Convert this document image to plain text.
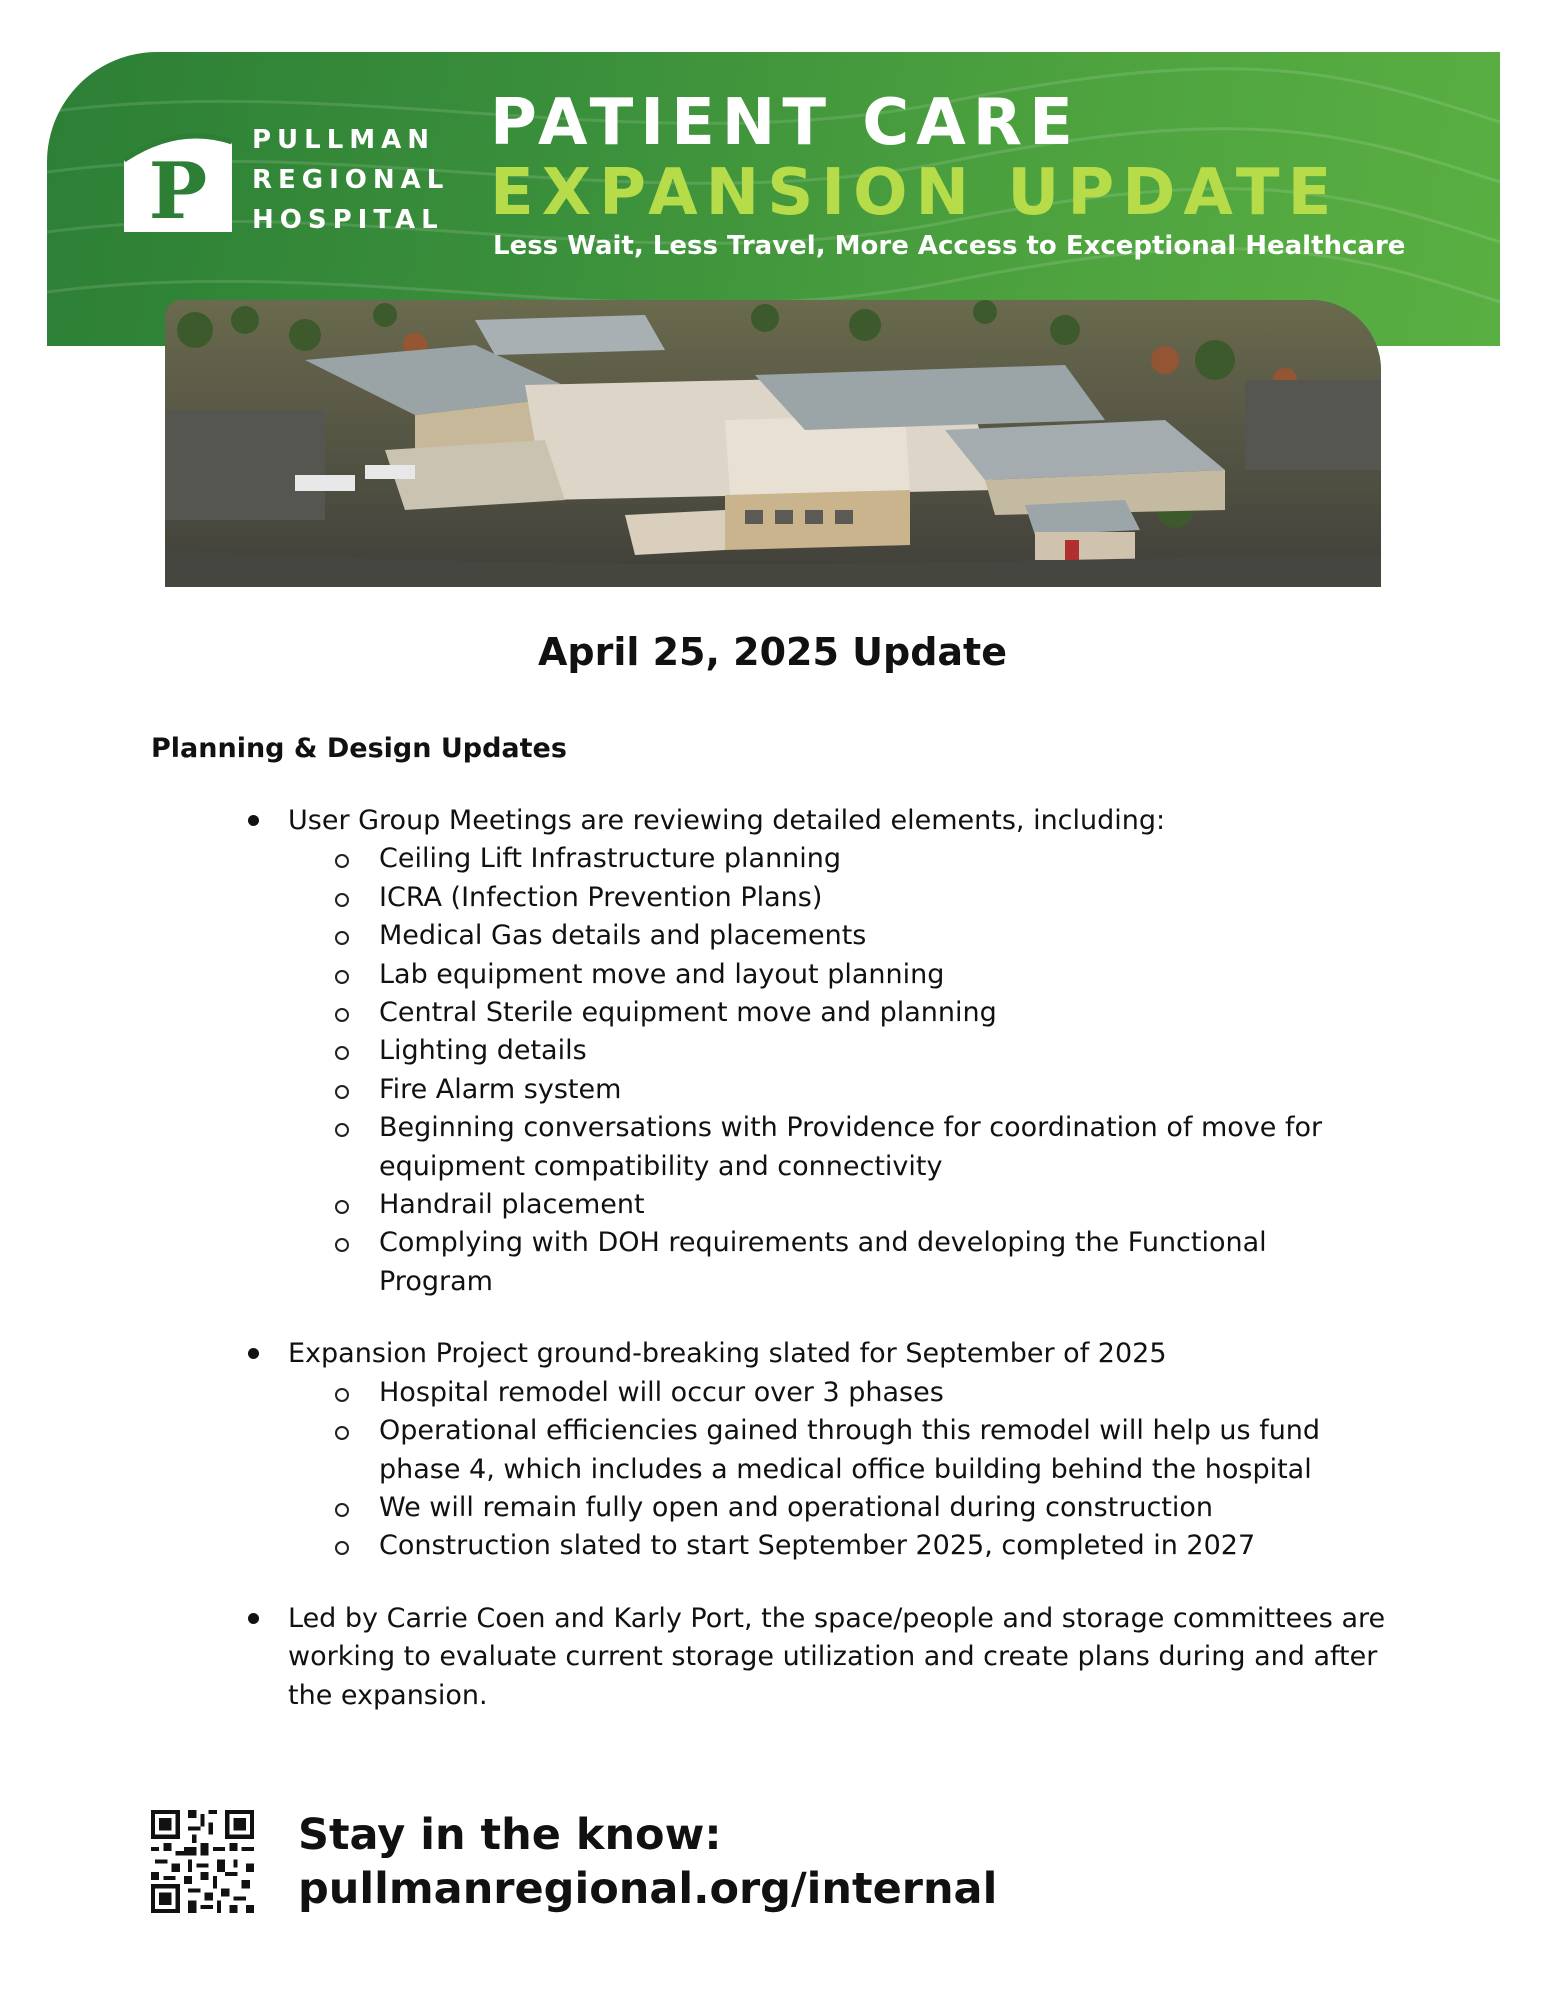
P
PULLMAN
REGIONAL
HOSPITAL
PATIENT CARE
EXPANSION UPDATE
Less Wait, Less Travel, More Access to Exceptional Healthcare
April 25, 2025 Update
Planning & Design Updates
User Group Meetings are reviewing detailed elements, including:
Ceiling Lift Infrastructure planning
ICRA (Infection Prevention Plans)
Medical Gas details and placements
Lab equipment move and layout planning
Central Sterile equipment move and planning
Lighting details
Fire Alarm system
Beginning conversations with Providence for coordination of move for equipment compatibility and connectivity
Handrail placement
Complying with DOH requirements and developing the Functional Program
Expansion Project ground-breaking slated for September of 2025
Hospital remodel will occur over 3 phases
Operational efficiencies gained through this remodel will help us fund phase 4, which includes a medical office building behind the hospital
We will remain fully open and operational during construction
Construction slated to start September 2025, completed in 2027
Led by Carrie Coen and Karly Port, the space/people and storage committees are working to evaluate current storage utilization and create plans during and after the expansion.
Stay in the know:
pullmanregional.org/internal
